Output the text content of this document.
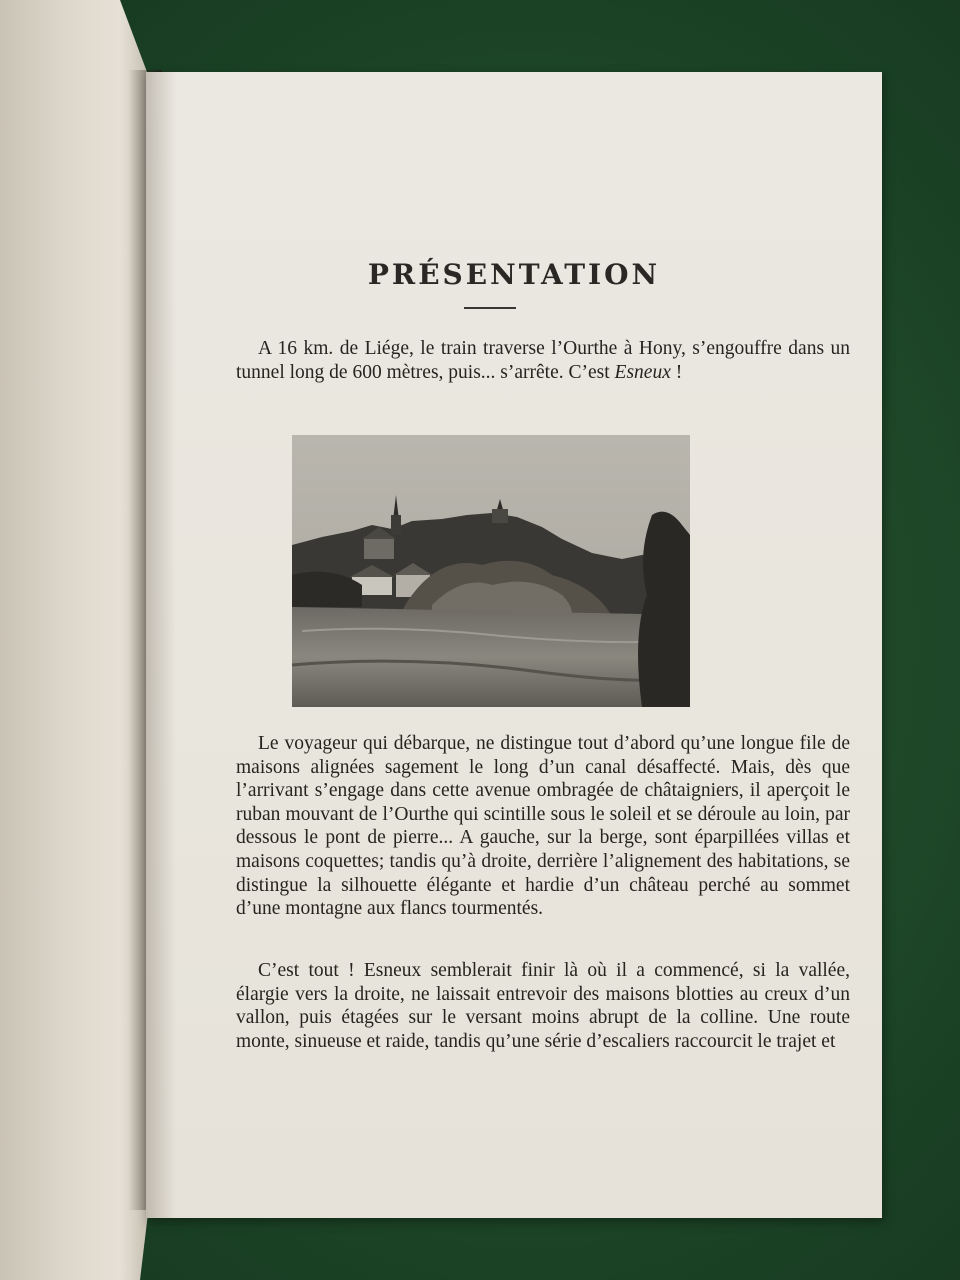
PRÉSENTATION

A 16 km. de Liége, le train traverse l’Ourthe à Hony, s’engouffre dans un tunnel long de 600 mètres, puis... s’arrête. C’est Esneux !

Le voyageur qui débarque, ne distingue tout d’abord qu’une longue file de maisons alignées sagement le long d’un canal désaffecté. Mais, dès que l’arrivant s’engage dans cette avenue ombragée de châtaigniers, il aperçoit le ruban mouvant de l’Ourthe qui scintille sous le soleil et se déroule au loin, par dessous le pont de pierre... A gauche, sur la berge, sont éparpillées villas et maisons coquettes; tandis qu’à droite, derrière l’alignement des habitations, se distingue la silhouette élégante et hardie d’un château perché au sommet d’une montagne aux flancs tourmentés.

C’est tout ! Esneux semblerait finir là où il a commencé, si la vallée, élargie vers la droite, ne laissait entrevoir des maisons blotties au creux d’un vallon, puis étagées sur le versant moins abrupt de la colline. Une route monte, sinueuse et raide, tandis qu’une série d’escaliers raccourcit le trajet et
